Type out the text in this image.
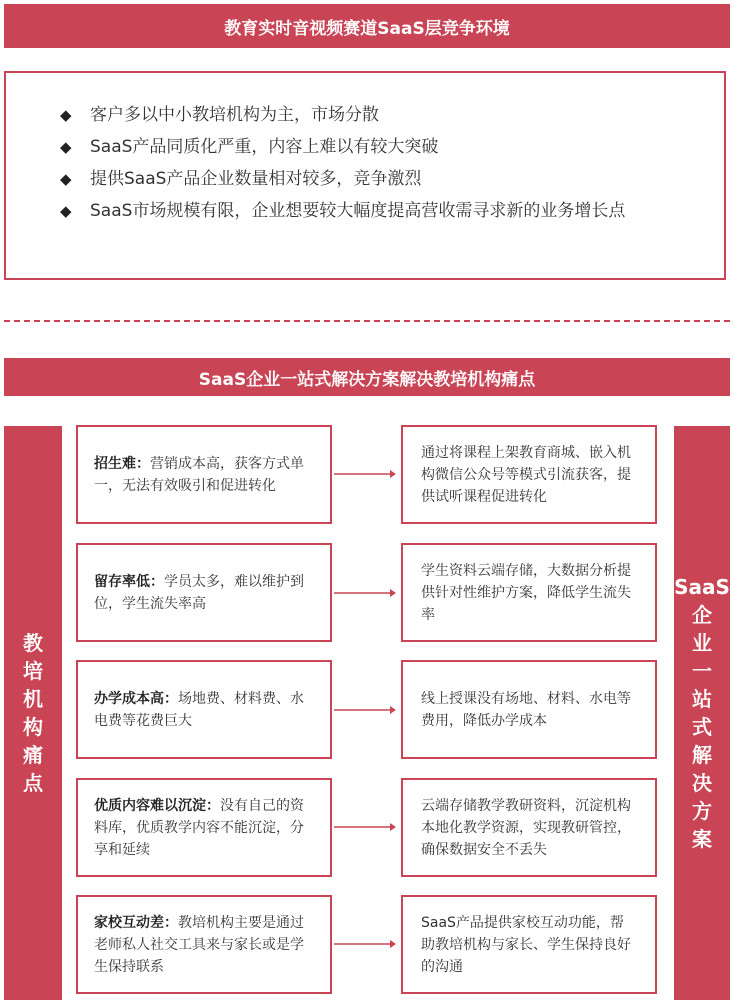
教育实时音视频赛道SaaS层竞争环境
◆	客户多以中小教培机构为主，市场分散
◆	SaaS产品同质化严重，内容上难以有较大突破
◆	提供SaaS产品企业数量相对较多，竞争激烈
◆	SaaS市场规模有限，企业想要较大幅度提高营收需寻求新的业务增长点
SaaS企业一站式解决方案解决教培机构痛点
教
培
机
构
痛
点
SaaS
企
业
一
站
式
解
决
方
案
招生难：营销成本高，获客方式单一，无法有效吸引和促进转化
通过将课程上架教育商城、嵌入机构微信公众号等模式引流获客，提供试听课程促进转化
留存率低：学员太多，难以维护到位，学生流失率高
学生资料云端存储，大数据分析提供针对性维护方案，降低学生流失率
办学成本高：场地费、材料费、水电费等花费巨大
线上授课没有场地、材料、水电等费用，降低办学成本
优质内容难以沉淀：没有自己的资料库，优质教学内容不能沉淀，分享和延续
云端存储教学教研资料，沉淀机构本地化教学资源，实现教研管控，确保数据安全不丢失
家校互动差：教培机构主要是通过老师私人社交工具来与家长或是学生保持联系
SaaS产品提供家校互动功能，帮助教培机构与家长、学生保持良好的沟通
